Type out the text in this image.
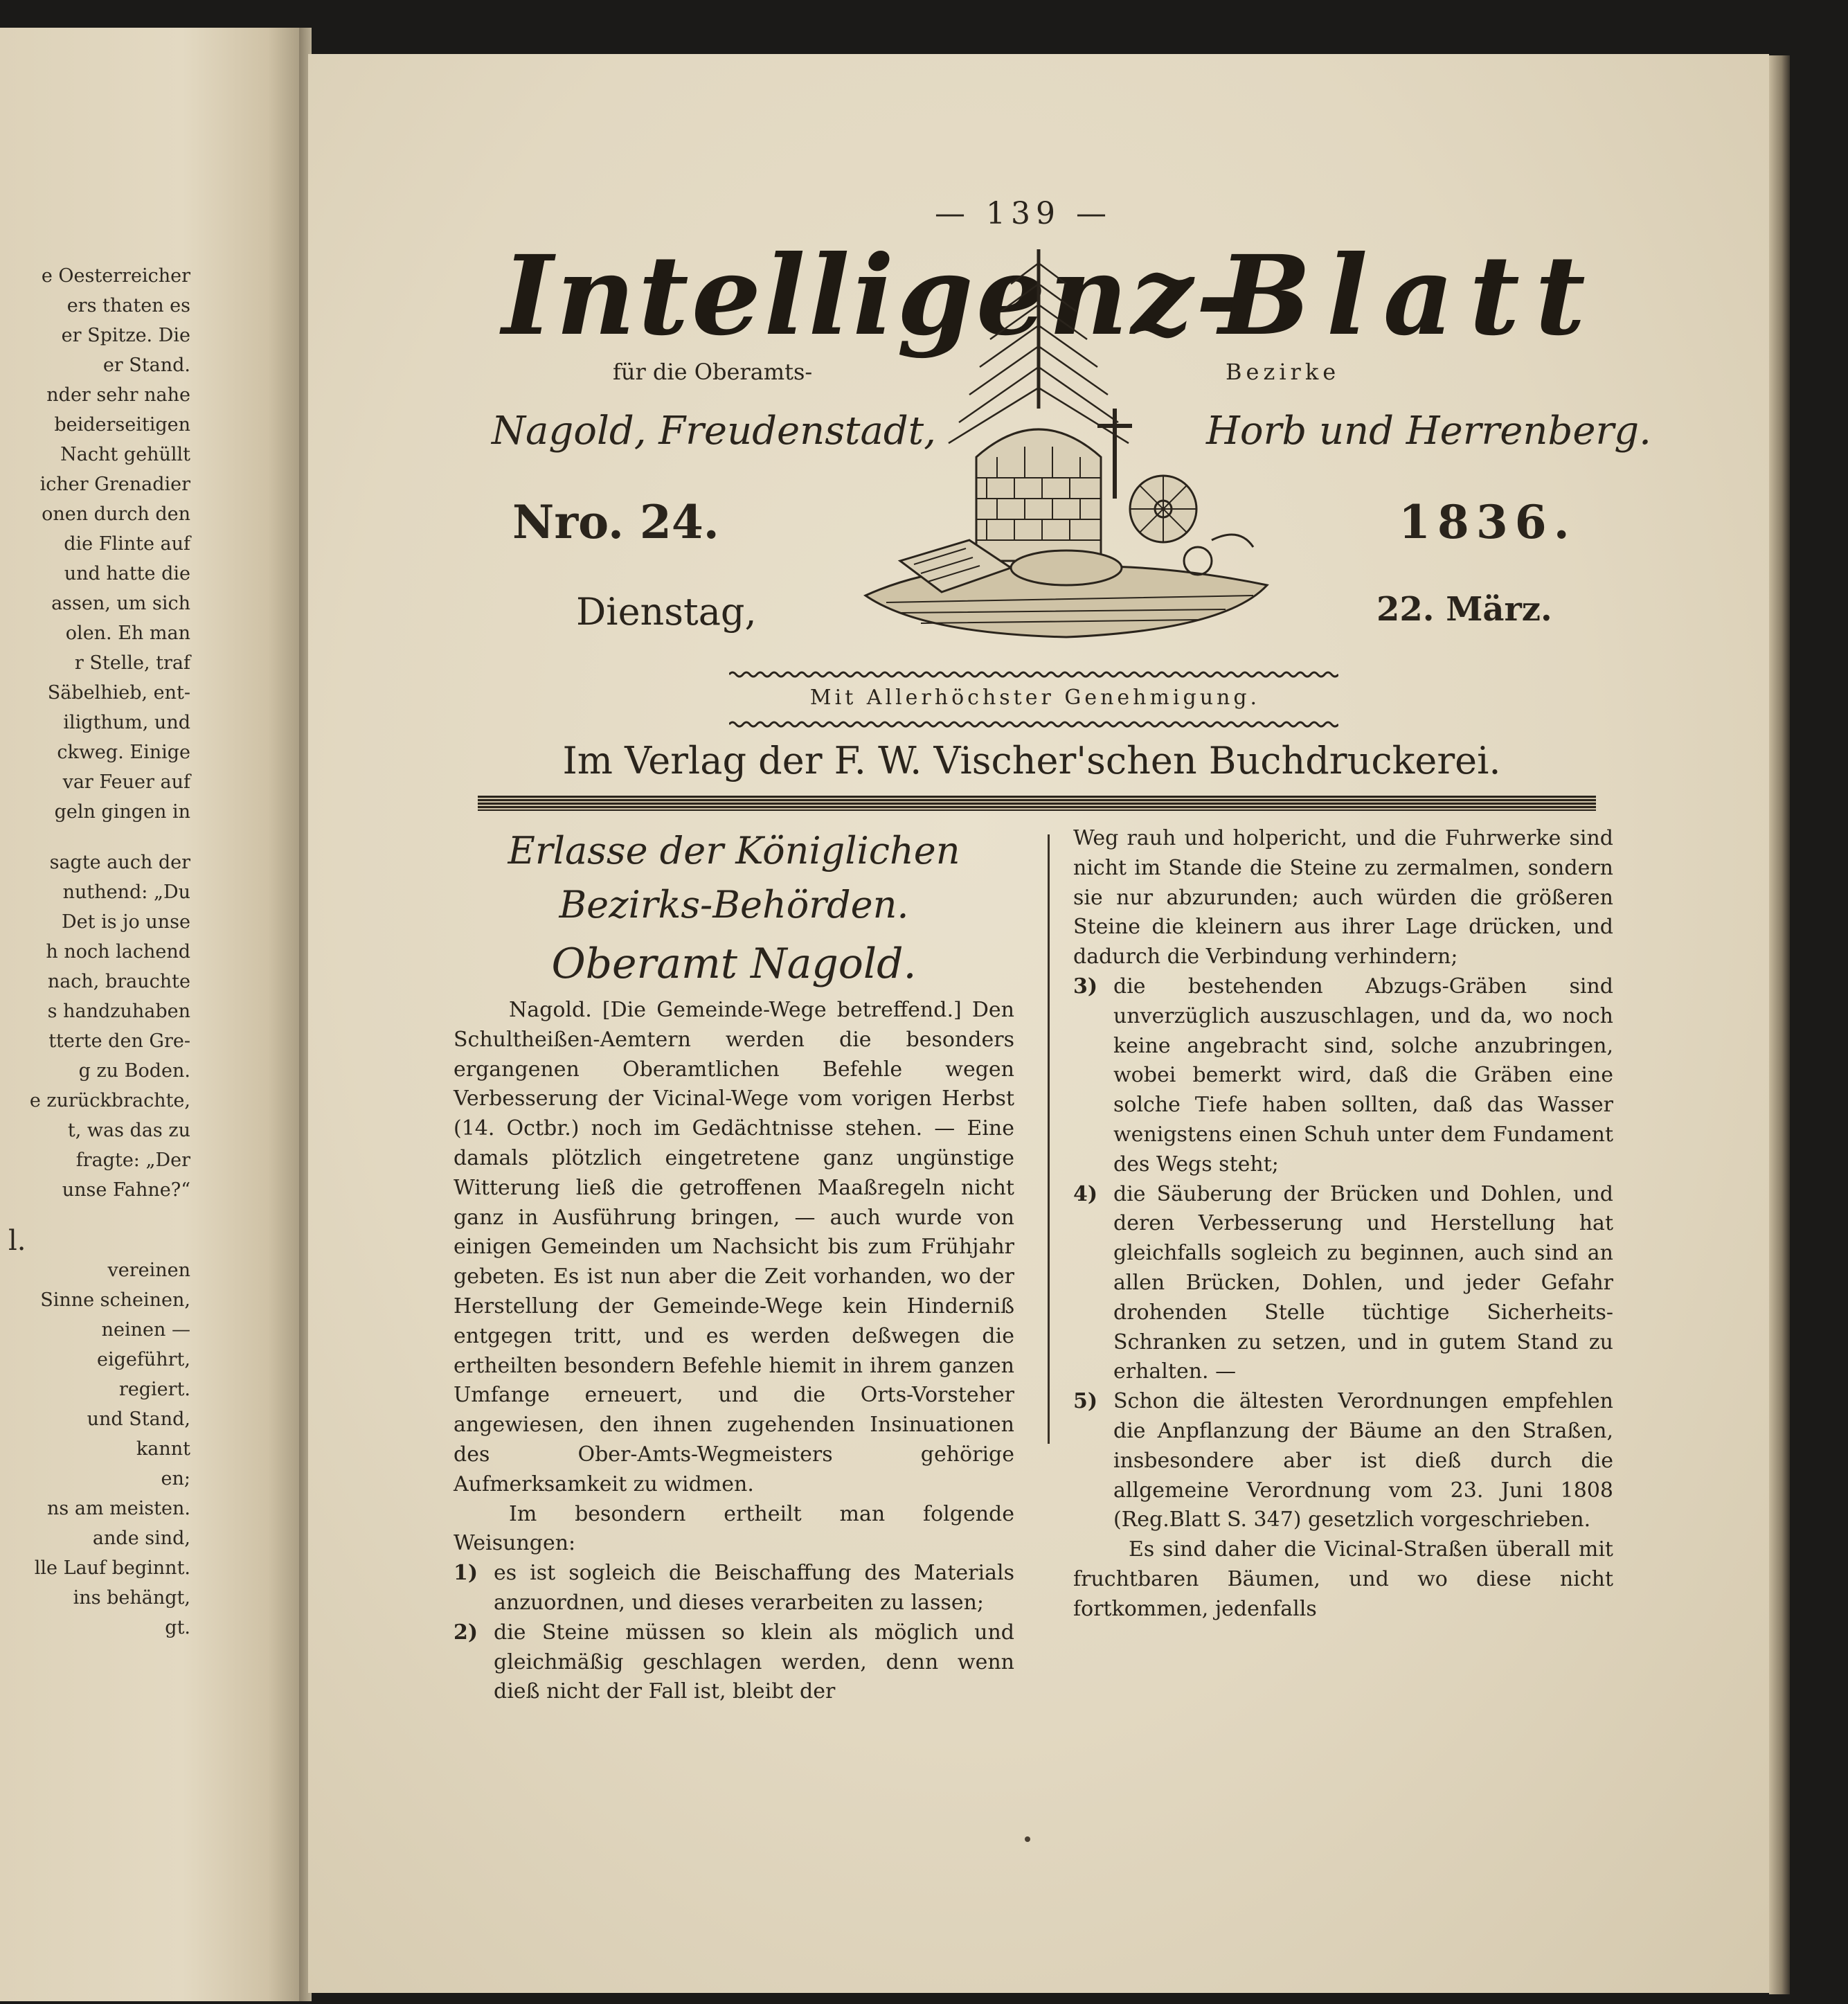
e Oesterreicher
ers thaten es
er Spitze. Die
er Stand.
nder sehr nahe
beiderseitigen
Nacht gehüllt
icher Grenadier
onen durch den
die Flinte auf
und hatte die
assen, um sich
olen. Eh man
r Stelle, traf
Säbelhieb, ent-
iligthum, und
ckweg. Einige
var Feuer auf
geln gingen in
sagte auch der
nuthend: „Du
Det is jo unse
h noch lachend
nach, brauchte
s handzuhaben
tterte den Gre-
g zu Boden.
e zurückbrachte,
t, was das zu
fragte: „Der
unse Fahne?“
l.
vereinen
Sinne scheinen,
neinen —
eigeführt,
regiert.
und Stand,
kannt
en;
ns am meisten.
ande sind,
lle Lauf beginnt.
ins behängt,
gt.
— 139 —
Intelligenz-
Blatt
für die Oberamts-	Bezirke
Nagold, Freudenstadt,	Horb und Herrenberg.
Nro. 24.	1836.
Dienstag,	22. März.
Mit Allerhöchster Genehmigung.
Im Verlag der F. W. Vischer'schen Buchdruckerei.
Erlasse der Königlichen Bezirks-Behörden.
Oberamt Nagold.

Nagold. [Die Gemeinde-Wege betreffend.] Den Schultheißen-Aemtern werden die besonders ergangenen Oberamtlichen Befehle wegen Verbesserung der Vicinal-Wege vom vorigen Herbst (14. Octbr.) noch im Gedächtnisse stehen. — Eine damals plötzlich eingetretene ganz ungünstige Witterung ließ die getroffenen Maaßregeln nicht ganz in Ausführung bringen, — auch wurde von einigen Gemeinden um Nachsicht bis zum Frühjahr gebeten. Es ist nun aber die Zeit vorhanden, wo der Herstellung der Gemeinde-Wege kein Hinderniß entgegen tritt, und es werden deßwegen die ertheilten besondern Befehle hiemit in ihrem ganzen Umfange erneuert, und die Orts-Vorsteher angewiesen, den ihnen zugehenden Insinuationen des Ober-Amts-Wegmeisters gehörige Aufmerksamkeit zu widmen.

Im besondern ertheilt man folgende Weisungen:

1) es ist sogleich die Beischaffung des Materials anzuordnen, und dieses verarbeiten zu lassen;
2) die Steine müssen so klein als möglich und gleichmäßig geschlagen werden, denn wenn dieß nicht der Fall ist, bleibt der

Weg rauh und holpericht, und die Fuhrwerke sind nicht im Stande die Steine zu zermalmen, sondern sie nur abzurunden; auch würden die größeren Steine die kleinern aus ihrer Lage drücken, und dadurch die Verbindung verhindern;

3) die bestehenden Abzugs-Gräben sind unverzüglich auszuschlagen, und da, wo noch keine angebracht sind, solche anzubringen, wobei bemerkt wird, daß die Gräben eine solche Tiefe haben sollten, daß das Wasser wenigstens einen Schuh unter dem Fundament des Wegs steht;
4) die Säuberung der Brücken und Dohlen, und deren Verbesserung und Herstellung hat gleichfalls sogleich zu beginnen, auch sind an allen Brücken, Dohlen, und jeder Gefahr drohenden Stelle tüchtige Sicherheits-Schranken zu setzen, und in gutem Stand zu erhalten. —
5) Schon die ältesten Verordnungen empfehlen die Anpflanzung der Bäume an den Straßen, insbesondere aber ist dieß durch die allgemeine Verordnung vom 23. Juni 1808 (Reg.Blatt S. 347) gesetzlich vorgeschrieben.

Es sind daher die Vicinal-Straßen überall mit fruchtbaren Bäumen, und wo diese nicht fortkommen, jedenfalls
